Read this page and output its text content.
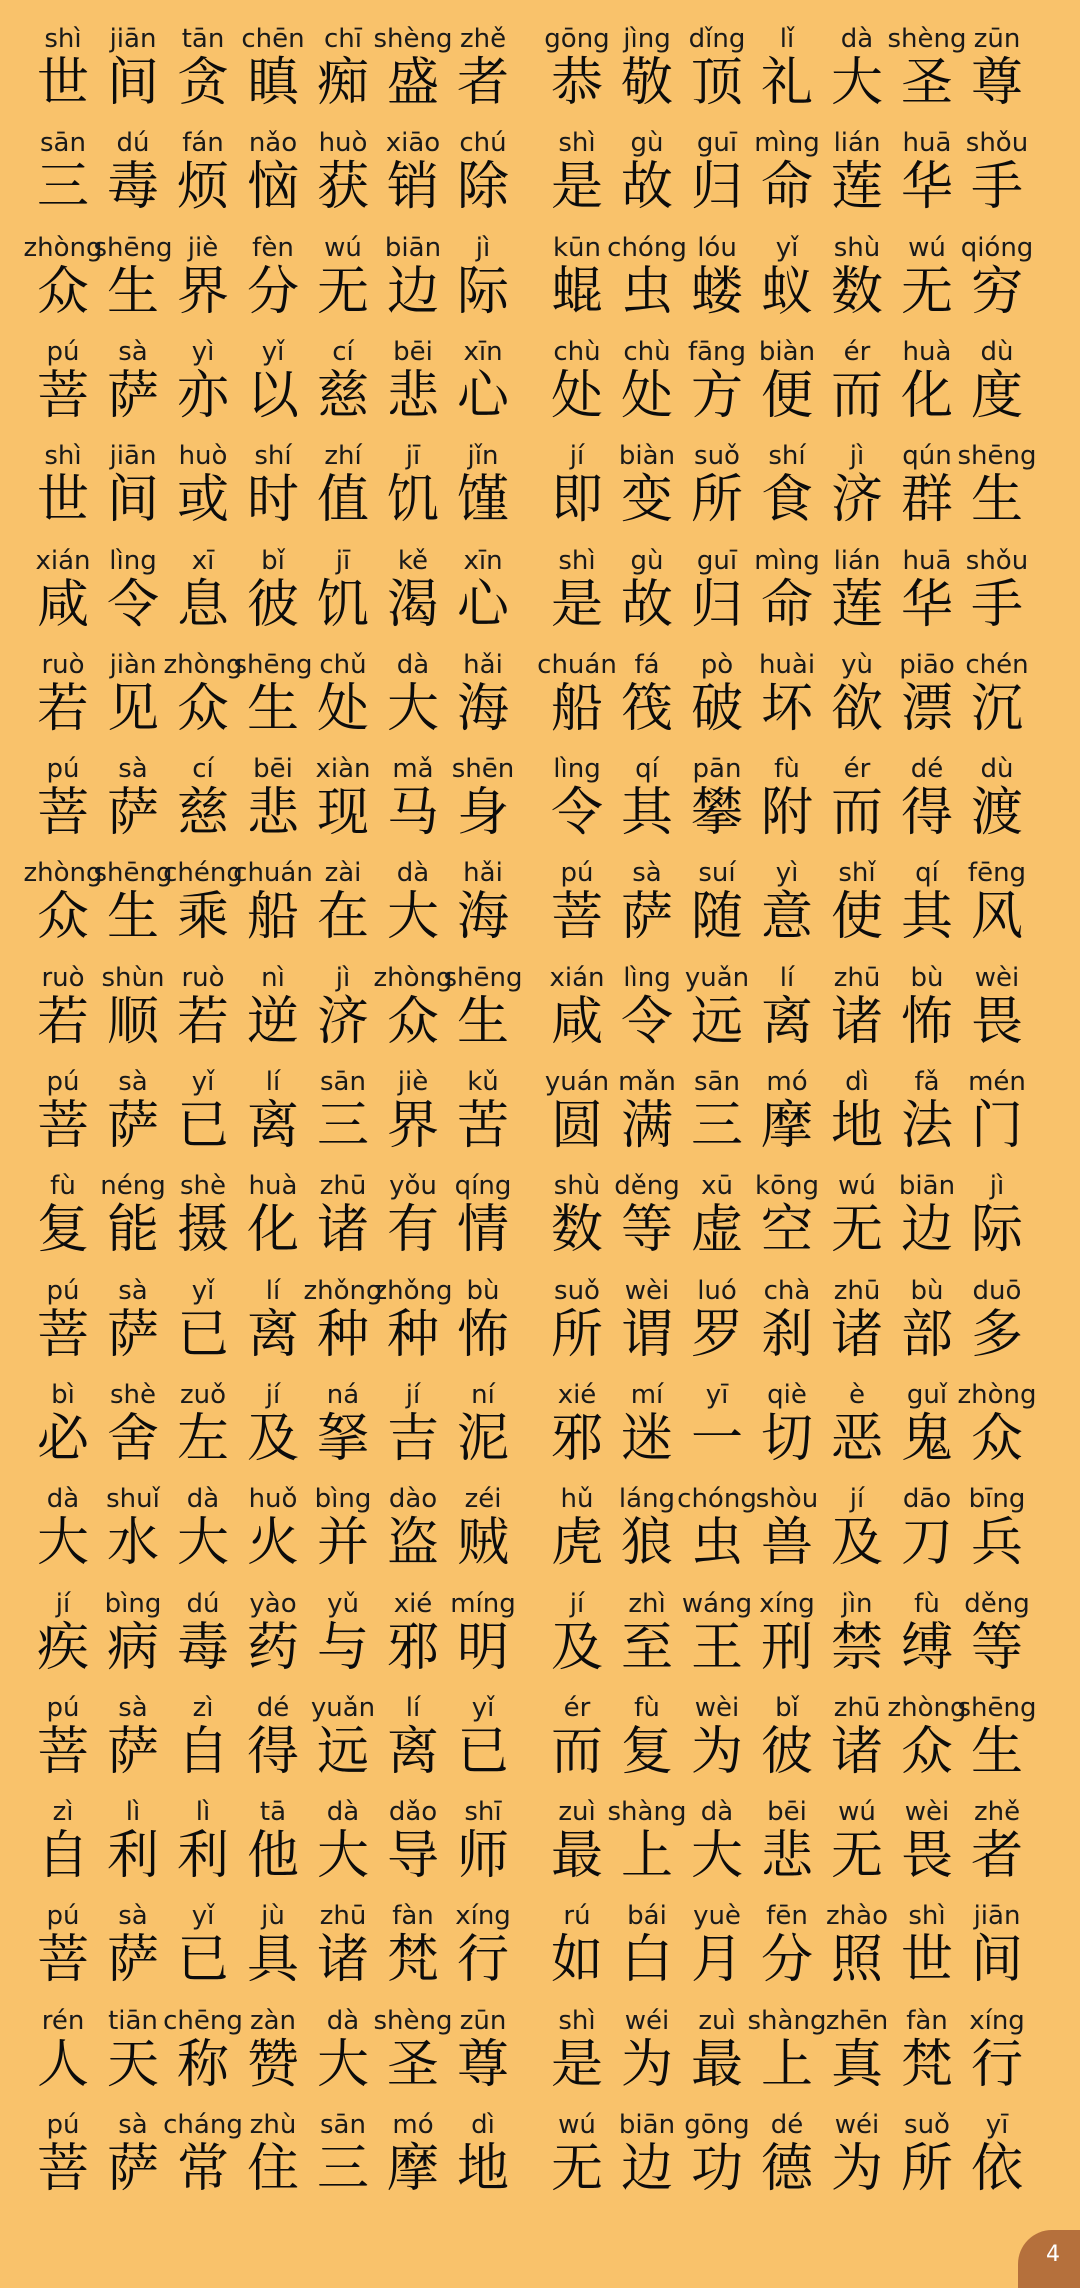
shì
世
jiān
间
tān
贪
chēn
瞋
chī
痴
shèng
盛
zhě
者
gōng
恭
jìng
敬
dǐng
顶
lǐ
礼
dà
大
shèng
圣
zūn
尊
sān
三
dú
毒
fán
烦
nǎo
恼
huò
获
xiāo
销
chú
除
shì
是
gù
故
guī
归
mìng
命
lián
莲
huā
华
shǒu
手
zhòng
众
shēng
生
jiè
界
fèn
分
wú
无
biān
边
jì
际
kūn
蜫
chóng
虫
lóu
蝼
yǐ
蚁
shù
数
wú
无
qióng
穷
pú
菩
sà
萨
yì
亦
yǐ
以
cí
慈
bēi
悲
xīn
心
chù
处
chù
处
fāng
方
biàn
便
ér
而
huà
化
dù
度
shì
世
jiān
间
huò
或
shí
时
zhí
值
jī
饥
jǐn
馑
jí
即
biàn
变
suǒ
所
shí
食
jì
济
qún
群
shēng
生
xián
咸
lìng
令
xī
息
bǐ
彼
jī
饥
kě
渴
xīn
心
shì
是
gù
故
guī
归
mìng
命
lián
莲
huā
华
shǒu
手
ruò
若
jiàn
见
zhòng
众
shēng
生
chǔ
处
dà
大
hǎi
海
chuán
船
fá
筏
pò
破
huài
坏
yù
欲
piāo
漂
chén
沉
pú
菩
sà
萨
cí
慈
bēi
悲
xiàn
现
mǎ
马
shēn
身
lìng
令
qí
其
pān
攀
fù
附
ér
而
dé
得
dù
渡
zhòng
众
shēng
生
chéng
乘
chuán
船
zài
在
dà
大
hǎi
海
pú
菩
sà
萨
suí
随
yì
意
shǐ
使
qí
其
fēng
风
ruò
若
shùn
顺
ruò
若
nì
逆
jì
济
zhòng
众
shēng
生
xián
咸
lìng
令
yuǎn
远
lí
离
zhū
诸
bù
怖
wèi
畏
pú
菩
sà
萨
yǐ
已
lí
离
sān
三
jiè
界
kǔ
苦
yuán
圆
mǎn
满
sān
三
mó
摩
dì
地
fǎ
法
mén
门
fù
复
néng
能
shè
摄
huà
化
zhū
诸
yǒu
有
qíng
情
shù
数
děng
等
xū
虚
kōng
空
wú
无
biān
边
jì
际
pú
菩
sà
萨
yǐ
已
lí
离
zhǒng
种
zhǒng
种
bù
怖
suǒ
所
wèi
谓
luó
罗
chà
刹
zhū
诸
bù
部
duō
多
bì
必
shè
舍
zuǒ
左
jí
及
ná
拏
jí
吉
ní
泥
xié
邪
mí
迷
yī
一
qiè
切
è
恶
guǐ
鬼
zhòng
众
dà
大
shuǐ
水
dà
大
huǒ
火
bìng
并
dào
盗
zéi
贼
hǔ
虎
láng
狼
chóng
虫
shòu
兽
jí
及
dāo
刀
bīng
兵
jí
疾
bìng
病
dú
毒
yào
药
yǔ
与
xié
邪
míng
明
jí
及
zhì
至
wáng
王
xíng
刑
jìn
禁
fù
缚
děng
等
pú
菩
sà
萨
zì
自
dé
得
yuǎn
远
lí
离
yǐ
已
ér
而
fù
复
wèi
为
bǐ
彼
zhū
诸
zhòng
众
shēng
生
zì
自
lì
利
lì
利
tā
他
dà
大
dǎo
导
shī
师
zuì
最
shàng
上
dà
大
bēi
悲
wú
无
wèi
畏
zhě
者
pú
菩
sà
萨
yǐ
已
jù
具
zhū
诸
fàn
梵
xíng
行
rú
如
bái
白
yuè
月
fēn
分
zhào
照
shì
世
jiān
间
rén
人
tiān
天
chēng
称
zàn
赞
dà
大
shèng
圣
zūn
尊
shì
是
wéi
为
zuì
最
shàng
上
zhēn
真
fàn
梵
xíng
行
pú
菩
sà
萨
cháng
常
zhù
住
sān
三
mó
摩
dì
地
wú
无
biān
边
gōng
功
dé
德
wéi
为
suǒ
所
yī
依
4
